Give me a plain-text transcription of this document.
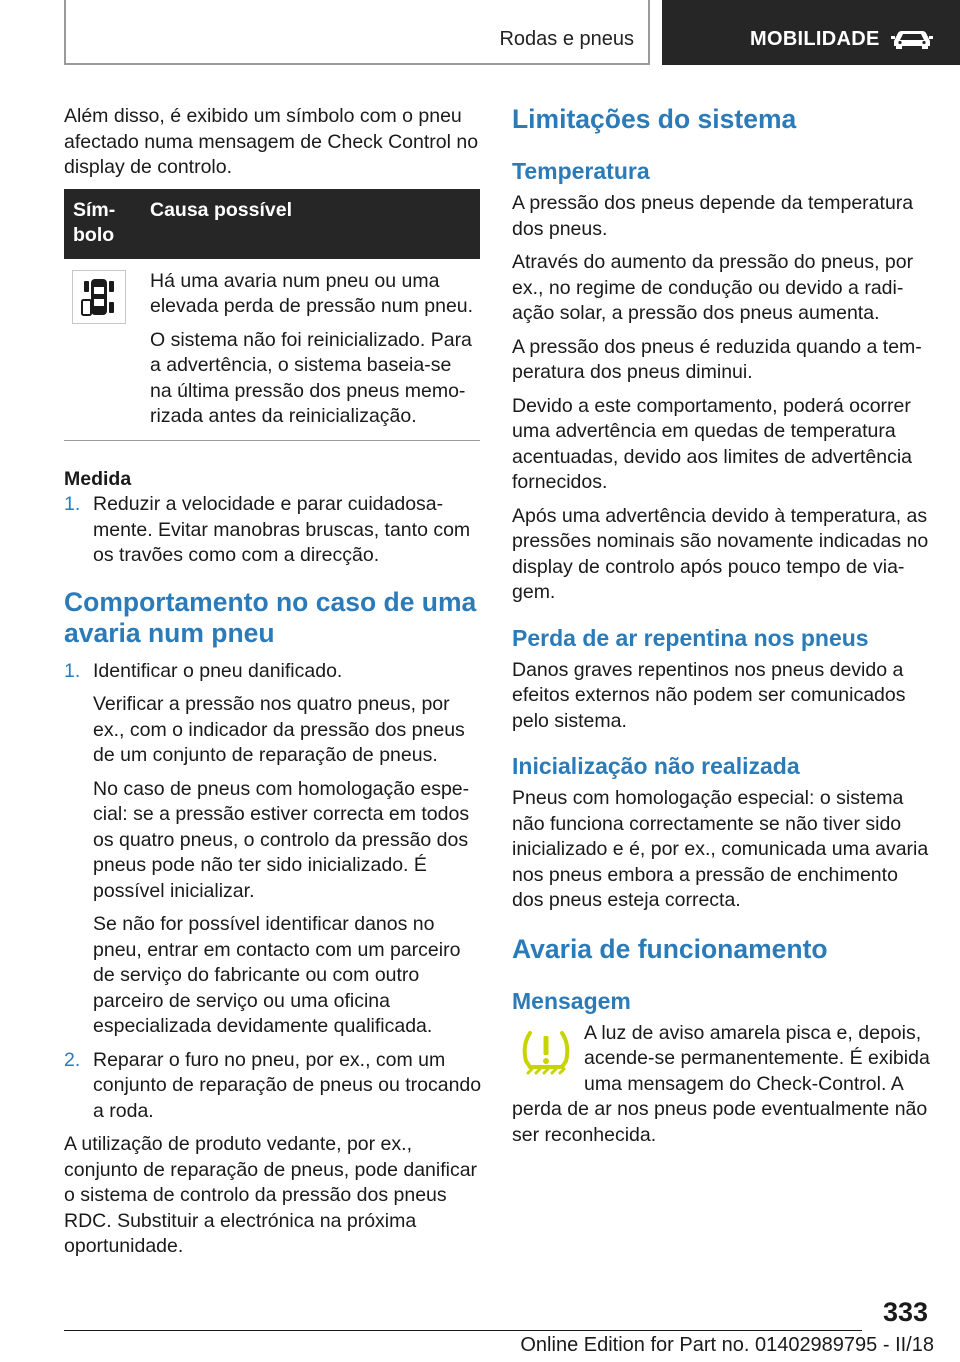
Rodas e pneus	MOBILIDADE

Além disso, é exibido um símbolo com o pneu afectado numa mensagem de Check Control no display de controlo.

Sím-
bolo
Causa possível

Há uma avaria num pneu ou uma elevada perda de pressão num pneu.

O sistema não foi reinicializado. Para a advertência, o sistema baseia-se na última pressão dos pneus memorizada antes da reinicialização.

Medida

1. Reduzir a velocidade e parar cuidadosamente. Evitar manobras bruscas, tanto com os travões como com a direcção.

Comportamento no caso de uma avaria num pneu
1. Identificar o pneu danificado.

Verificar a pressão nos quatro pneus, por ex., com o indicador da pressão dos pneus de um conjunto de reparação de pneus.

No caso de pneus com homologação especial: se a pressão estiver correcta em todos os quatro pneus, o controlo da pressão dos pneus pode não ter sido inicializado. É possível inicializar.

Se não for possível identificar danos no pneu, entrar em contacto com um parceiro de serviço do fabricante ou com outro parceiro de serviço ou uma oficina especializada devidamente qualificada.

2. Reparar o furo no pneu, por ex., com um conjunto de reparação de pneus ou trocando a roda.

A utilização de produto vedante, por ex., conjunto de reparação de pneus, pode danificar o sistema de controlo da pressão dos pneus RDC. Substituir a electrónica na próxima oportunidade.

Limitações do sistema
Temperatura

A pressão dos pneus depende da temperatura dos pneus.

Através do aumento da pressão do pneus, por ex., no regime de condução ou devido a radiação solar, a pressão dos pneus aumenta.

A pressão dos pneus é reduzida quando a temperatura dos pneus diminui.

Devido a este comportamento, poderá ocorrer uma advertência em quedas de temperatura acentuadas, devido aos limites de advertência fornecidos.

Após uma advertência devido à temperatura, as pressões nominais são novamente indicadas no display de controlo após pouco tempo de viagem.

Perda de ar repentina nos pneus

Danos graves repentinos nos pneus devido a efeitos externos não podem ser comunicados pelo sistema.

Inicialização não realizada

Pneus com homologação especial: o sistema não funciona correctamente se não tiver sido inicializado e é, por ex., comunicada uma avaria nos pneus embora a pressão de enchimento dos pneus esteja correcta.

Avaria de funcionamento
Mensagem

A luz de aviso amarela pisca e, depois, acende-se permanentemente. É exibida uma mensagem do Check-Control. A perda de ar nos pneus pode eventualmente não ser reconhecida.

333
Online Edition for Part no. 01402989795 - II/18
